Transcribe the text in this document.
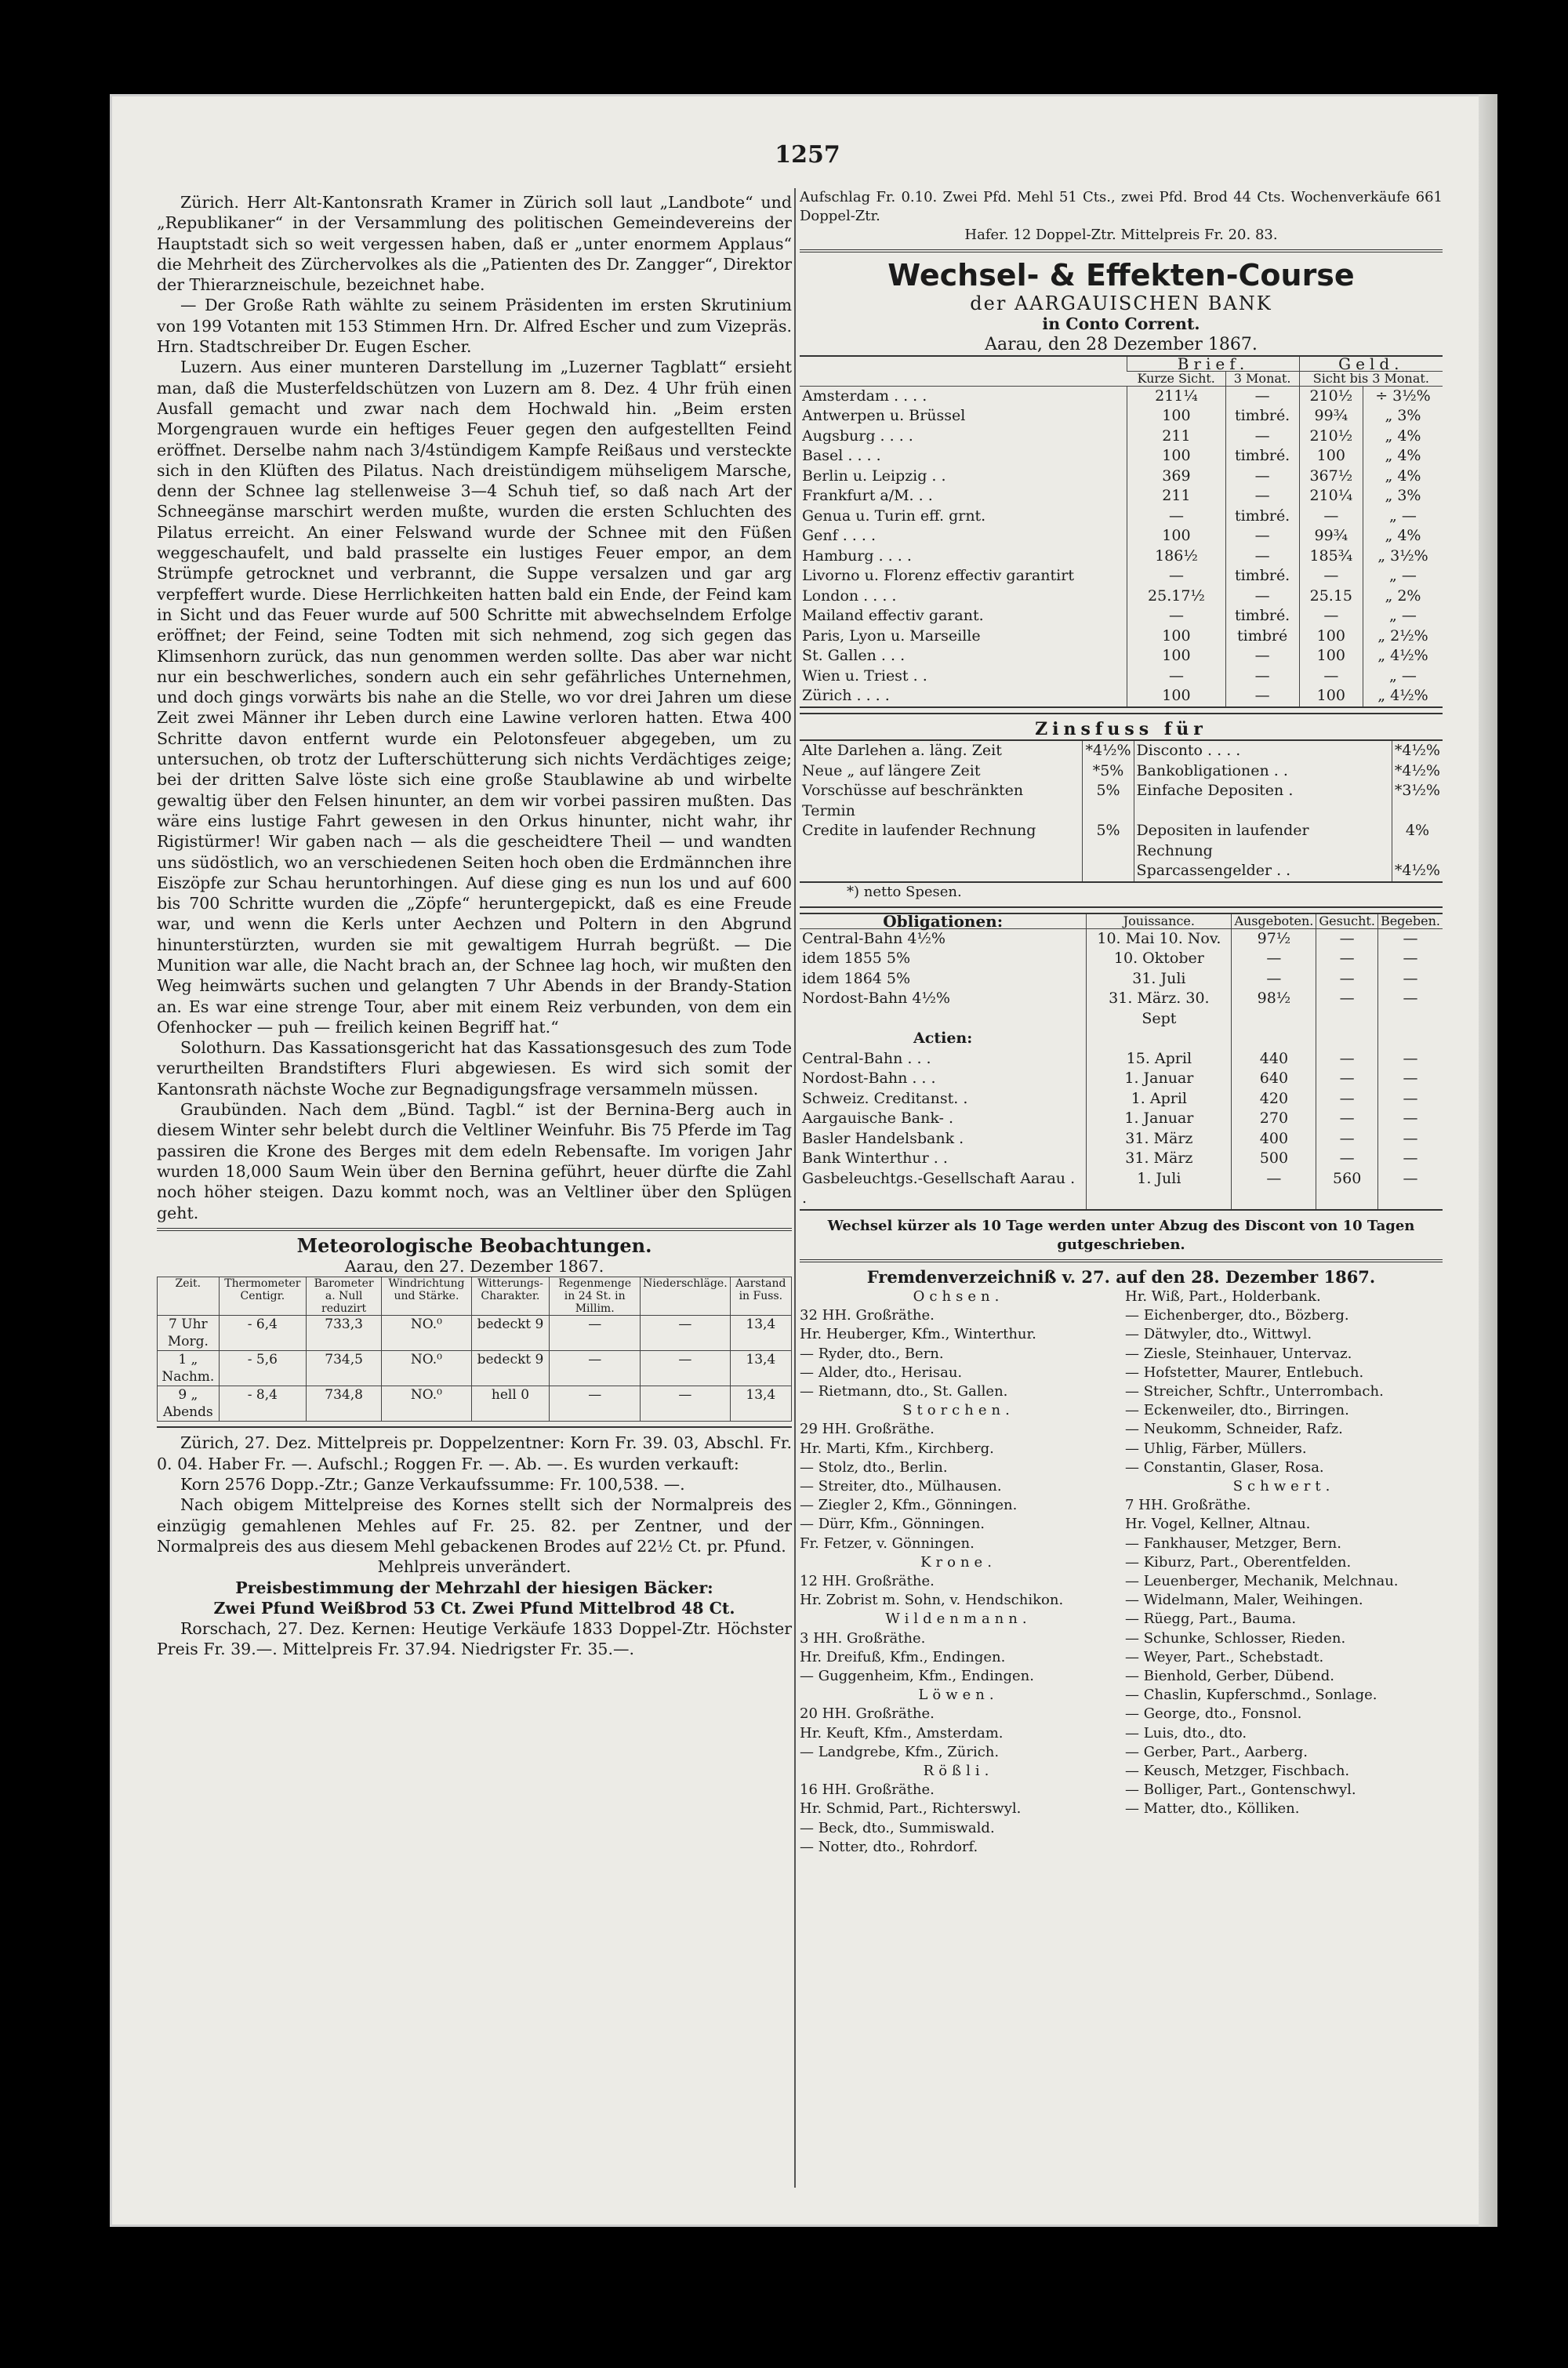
1257

Zürich. Herr Alt-Kantonsrath Kramer in Zürich soll laut „Landbote“ und „Republikaner“ in der Versammlung des politischen Gemeindevereins der Hauptstadt sich so weit vergessen haben, daß er „unter enormem Applaus“ die Mehrheit des Zürchervolkes als die „Patienten des Dr. Zangger“, Direktor der Thierarzneischule, bezeichnet habe.

— Der Große Rath wählte zu seinem Präsidenten im ersten Skrutinium von 199 Votanten mit 153 Stimmen Hrn. Dr. Alfred Escher und zum Vizepräs. Hrn. Stadtschreiber Dr. Eugen Escher.

Luzern. Aus einer munteren Darstellung im „Luzerner Tagblatt“ ersieht man, daß die Musterfeldschützen von Luzern am 8. Dez. 4 Uhr früh einen Ausfall gemacht und zwar nach dem Hochwald hin. „Beim ersten Morgengrauen wurde ein heftiges Feuer gegen den aufgestellten Feind eröffnet. Derselbe nahm nach 3/4stündigem Kampfe Reißaus und versteckte sich in den Klüften des Pilatus. Nach dreistündigem mühseligem Marsche, denn der Schnee lag stellenweise 3—4 Schuh tief, so daß nach Art der Schneegänse marschirt werden mußte, wurden die ersten Schluchten des Pilatus erreicht. An einer Felswand wurde der Schnee mit den Füßen weggeschaufelt, und bald prasselte ein lustiges Feuer empor, an dem Strümpfe getrocknet und verbrannt, die Suppe versalzen und gar arg verpfeffert wurde. Diese Herrlichkeiten hatten bald ein Ende, der Feind kam in Sicht und das Feuer wurde auf 500 Schritte mit abwechselndem Erfolge eröffnet; der Feind, seine Todten mit sich nehmend, zog sich gegen das Klimsenhorn zurück, das nun genommen werden sollte. Das aber war nicht nur ein beschwerliches, sondern auch ein sehr gefährliches Unternehmen, und doch gings vorwärts bis nahe an die Stelle, wo vor drei Jahren um diese Zeit zwei Männer ihr Leben durch eine Lawine verloren hatten. Etwa 400 Schritte davon entfernt wurde ein Pelotonsfeuer abgegeben, um zu untersuchen, ob trotz der Lufterschütterung sich nichts Verdächtiges zeige; bei der dritten Salve löste sich eine große Staublawine ab und wirbelte gewaltig über den Felsen hinunter, an dem wir vorbei passiren mußten. Das wäre eins lustige Fahrt gewesen in den Orkus hinunter, nicht wahr, ihr Rigistürmer! Wir gaben nach — als die gescheidtere Theil — und wandten uns südöstlich, wo an verschiedenen Seiten hoch oben die Erdmännchen ihre Eiszöpfe zur Schau heruntorhingen. Auf diese ging es nun los und auf 600 bis 700 Schritte wurden die „Zöpfe“ heruntergepickt, daß es eine Freude war, und wenn die Kerls unter Aechzen und Poltern in den Abgrund hinunterstürzten, wurden sie mit gewaltigem Hurrah begrüßt. — Die Munition war alle, die Nacht brach an, der Schnee lag hoch, wir mußten den Weg heimwärts suchen und gelangten 7 Uhr Abends in der Brandy-Station an. Es war eine strenge Tour, aber mit einem Reiz verbunden, von dem ein Ofenhocker — puh — freilich keinen Begriff hat.“

Solothurn. Das Kassationsgericht hat das Kassationsgesuch des zum Tode verurtheilten Brandstifters Fluri abgewiesen. Es wird sich somit der Kantonsrath nächste Woche zur Begnadigungsfrage versammeln müssen.

Graubünden. Nach dem „Bünd. Tagbl.“ ist der Bernina-Berg auch in diesem Winter sehr belebt durch die Veltliner Weinfuhr. Bis 75 Pferde im Tag passiren die Krone des Berges mit dem edeln Rebensafte. Im vorigen Jahr wurden 18,000 Saum Wein über den Bernina geführt, heuer dürfte die Zahl noch höher steigen. Dazu kommt noch, was an Veltliner über den Splügen geht.

Meteorologische Beobachtungen.
Aarau, den 27. Dezember 1867.
Zeit.	Thermometer Centigr.	Barometer a. Null reduzirt	Windrichtung und Stärke.	Witterungs-Charakter.	Regenmenge in 24 St. in Millim.	Niederschläge.	Aarstand in Fuss.
7 Uhr Morg.	- 6,4	733,3	NO.⁰	bedeckt 9	—	—	13,4
1 „ Nachm.	- 5,6	734,5	NO.⁰	bedeckt 9	—	—	13,4
9 „ Abends	- 8,4	734,8	NO.⁰	hell 0	—	—	13,4

Zürich, 27. Dez. Mittelpreis pr. Doppelzentner: Korn Fr. 39. 03, Abschl. Fr. 0. 04. Haber Fr. —. Aufschl.; Roggen Fr. —. Ab. —. Es wurden verkauft:

Korn 2576 Dopp.-Ztr.; Ganze Verkaufssumme: Fr. 100,538. —.

Nach obigem Mittelpreise des Kornes stellt sich der Normalpreis des einzügig gemahlenen Mehles auf Fr. 25. 82. per Zentner, und der Normalpreis des aus diesem Mehl gebackenen Brodes auf 22½ Ct. pr. Pfund.

Mehlpreis unverändert.

Preisbestimmung der Mehrzahl der hiesigen Bäcker:

Zwei Pfund Weißbrod 53 Ct. Zwei Pfund Mittelbrod 48 Ct.

Rorschach, 27. Dez. Kernen: Heutige Verkäufe 1833 Doppel-Ztr. Höchster Preis Fr. 39.—. Mittelpreis Fr. 37.94. Niedrigster Fr. 35.—.

Aufschlag Fr. 0.10. Zwei Pfd. Mehl 51 Cts., zwei Pfd. Brod 44 Cts. Wochenverkäufe 661 Doppel-Ztr.

Hafer. 12 Doppel-Ztr. Mittelpreis Fr. 20. 83.

Wechsel- & Effekten-Course
der AARGAUISCHEN BANK
in Conto Corrent.
Aarau, den 28 Dezember 1867.
	Brief.		Geld.	
	Kurze Sicht.	3 Monat.	Sicht bis 3 Monat.	
Amsterdam . . . .	211¼	—	210½	÷ 3½%
Antwerpen u. Brüssel	100	timbré.	99¾	„ 3%
Augsburg . . . .	211	—	210½	„ 4%
Basel . . . .	100	timbré.	100	„ 4%
Berlin u. Leipzig . .	369	—	367½	„ 4%
Frankfurt a/M. . .	211	—	210¼	„ 3%
Genua u. Turin eff. grnt.	—	timbré.	—	„ —
Genf . . . .	100	—	99¾	„ 4%
Hamburg . . . .	186½	—	185¾	„ 3½%
Livorno u. Florenz effectiv garantirt	—	timbré.	—	„ —
London . . . .	25.17½	—	25.15	„ 2%
Mailand effectiv garant.	—	timbré.	—	„ —
Paris, Lyon u. Marseille	100	timbré	100	„ 2½%
St. Gallen . . .	100	—	100	„ 4½%
Wien u. Triest . .	—	—	—	„ —
Zürich . . . .	100	—	100	„ 4½%
Zinsfuss für
Alte Darlehen a. läng. Zeit	*4½%	Disconto . . . .	*4½%
Neue „ auf längere Zeit	*5%	Bankobligationen . .	*4½%
Vorschüsse auf beschränkten Termin	5%	Einfache Depositen .	*3½%
Credite in laufender Rechnung	5%	Depositen in laufender Rechnung	4%
		Sparcassengelder . .	*4½%
*) netto Spesen.
Obligationen:	Jouissance.	Ausgeboten.	Gesucht.	Begeben.
Central-Bahn 4½%	10. Mai 10. Nov.	97½	—	—
idem 1855 5%	10. Oktober	—	—	—
idem 1864 5%	31. Juli	—	—	—
Nordost-Bahn 4½%	31. März. 30. Sept	98½	—	—
Actien:				
Central-Bahn . . .	15. April	440	—	—
Nordost-Bahn . . .	1. Januar	640	—	—
Schweiz. Creditanst. .	1. April	420	—	—
Aargauische Bank- .	1. Januar	270	—	—
Basler Handelsbank .	31. März	400	—	—
Bank Winterthur . .	31. März	500	—	—
Gasbeleuchtgs.-Gesellschaft Aarau . .	1. Juli	—	560	—
Wechsel kürzer als 10 Tage werden unter Abzug des Discont von 10 Tagen gutgeschrieben.
Fremdenverzeichniß v. 27. auf den 28. Dezember 1867.
Ochsen.
32 HH. Großräthe.
Hr. Heuberger, Kfm., Winterthur.
— Ryder, dto., Bern.
— Alder, dto., Herisau.
— Rietmann, dto., St. Gallen.
Storchen.
29 HH. Großräthe.
Hr. Marti, Kfm., Kirchberg.
— Stolz, dto., Berlin.
— Streiter, dto., Mülhausen.
— Ziegler 2, Kfm., Gönningen.
— Dürr, Kfm., Gönningen.
Fr. Fetzer, v. Gönningen.
Krone.
12 HH. Großräthe.
Hr. Zobrist m. Sohn, v. Hendschikon.
Wildenmann.
3 HH. Großräthe.
Hr. Dreifuß, Kfm., Endingen.
— Guggenheim, Kfm., Endingen.
Löwen.
20 HH. Großräthe.
Hr. Keuft, Kfm., Amsterdam.
— Landgrebe, Kfm., Zürich.
Rößli.
16 HH. Großräthe.
Hr. Schmid, Part., Richterswyl.
— Beck, dto., Summiswald.
— Notter, dto., Rohrdorf.
Hr. Wiß, Part., Holderbank.
— Eichenberger, dto., Bözberg.
— Dätwyler, dto., Wittwyl.
— Ziesle, Steinhauer, Untervaz.
— Hofstetter, Maurer, Entlebuch.
— Streicher, Schftr., Unterrombach.
— Eckenweiler, dto., Birringen.
— Neukomm, Schneider, Rafz.
— Uhlig, Färber, Müllers.
— Constantin, Glaser, Rosa.
Schwert.
7 HH. Großräthe.
Hr. Vogel, Kellner, Altnau.
— Fankhauser, Metzger, Bern.
— Kiburz, Part., Oberentfelden.
— Leuenberger, Mechanik, Melchnau.
— Widelmann, Maler, Weihingen.
— Rüegg, Part., Bauma.
— Schunke, Schlosser, Rieden.
— Weyer, Part., Schebstadt.
— Bienhold, Gerber, Dübend.
— Chaslin, Kupferschmd., Sonlage.
— George, dto., Fonsnol.
— Luis, dto., dto.
— Gerber, Part., Aarberg.
— Keusch, Metzger, Fischbach.
— Bolliger, Part., Gontenschwyl.
— Matter, dto., Kölliken.
